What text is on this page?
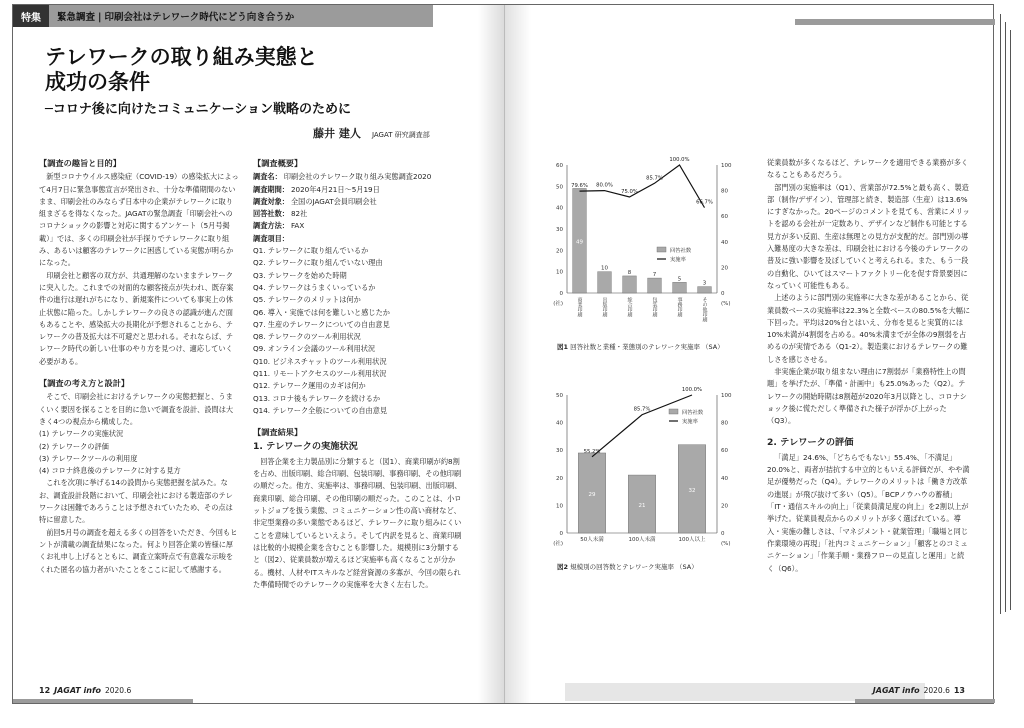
特集	緊急調査 | 印刷会社はテレワーク時代にどう向き合うか
テレワークの取り組み実態と
成功の条件
─コロナ後に向けたコミュニケーション戦略のために
藤井 建人 JAGAT 研究調査部
【調査の趣旨と目的】

新型コロナウイルス感染症（COVID-19）の感染拡大によって4月7日に緊急事態宣言が発出され、十分な準備期間のないまま、印刷会社のみならず日本中の企業がテレワークに取り組まざるを得なくなった。JAGATの緊急調査「印刷会社へのコロナショックの影響と対応に関するアンケート（5月号掲載）」では、多くの印刷会社が手探りでテレワークに取り組み、あるいは顧客のテレワークに困惑している実態が明らかになった。

印刷会社と顧客の双方が、共通理解のないままテレワークに突入した。これまでの対面的な顧客接点が失われ、既存案件の進行は遅れがちになり、新規案件についても事実上の休止状態に陥った。しかしテレワークの良さの認識が進んだ面もあることや、感染拡大の長期化が予想されることから、テレワークの普及拡大は不可避だと思われる。それならば、テレワーク時代の新しい仕事のやり方を見つけ、適応していく必要がある。

【調査の考え方と設計】

そこで、印刷会社におけるテレワークの実態把握と、うまくいく要因を探ることを目的に急いで調査を設計、設問は大きく4つの視点から構成した。

(1) テレワークの実施状況
(2) テレワークの評価
(3) テレワークツールの利用度
(4) コロナ終息後のテレワークに対する見方

これを次項に挙げる14の設問から実態把握を試みた。なお、調査設計段階において、印刷会社における製造部のテレワークは困難であろうことは予想されていたため、その点は特に留意した。

前回5月号の調査を超える多くの回答をいただき、今回もヒントが満載の調査結果になった。何より回答企業の皆様に厚くお礼申し上げるとともに、調査立案時点で有意義な示唆をくれた匿名の協力者がいたことをここに記して感謝する。

【調査概要】
調査名： 印刷会社のテレワーク取り組み実態調査2020
調査期間： 2020年4月21日～5月19日
調査対象： 全国のJAGAT会員印刷会社
回答社数： 82社
調査方法： FAX
調査項目：
Q1. テレワークに取り組んでいるか
Q2. テレワークに取り組んでいない理由
Q3. テレワークを始めた時期
Q4. テレワークはうまくいっているか
Q5. テレワークのメリットは何か
Q6. 導入・実施では何を難しいと感じたか
Q7. 生産のテレワークについての自由意見
Q8. テレワークのツール利用状況
Q9. オンライン会議のツール利用状況
Q10. ビジネスチャットのツール利用状況
Q11. リモートアクセスのツール利用状況
Q12. テレワーク運用のカギは何か
Q13. コロナ後もテレワークを続けるか
Q14. テレワーク全般についての自由意見
【調査結果】
1. テレワークの実施状況

回答企業を主力製品別に分類すると（図1）、商業印刷が約8割を占め、出版印刷、総合印刷、包装印刷、事務印刷、その他印刷の順だった。他方、実施率は、事務印刷、包装印刷、出版印刷、商業印刷、総合印刷、その他印刷の順だった。このことは、小ロットジョブを扱う業態、コミュニケーション性の高い商材など、非定型業務の多い業態であるほど、テレワークに取り組みにくいことを意味しているといえよう。そして内訳を見ると、商業印刷は比較的小規模企業を含むことも影響した。規模別に3分類すると（図2）、従業員数が増えるほど実施率も高くなることが分かる。機材、人材やITスキルなど経営資源の多寡が、今回の限られた準備時間でのテレワークの実施率を大きく左右した。

12 JAGAT info 2020.6
0
10
20
30
40
50
60
0
20
40
60
80
100
(社)	(%)
49
商業印刷
10
出版印刷
8
総合印刷
7
包装印刷
5
事務印刷
3
その他印刷
79.6% 80.0%
75.0%
85.7%
100.0%
66.7%
回答社数
実施率
図1 回答社数と業種・業態別のテレワーク実施率 （SA）
0
10
20
30
40
50
0
20
40
60
80
100
(社)	(%)
29
50人未満
21
100人未満
32
100人以上
55.2%
85.7%
100.0%
回答社数
実施率
図2 規模別の回答数とテレワーク実施率 （SA）

従業員数が多くなるほど、テレワークを適用できる業務が多くなることもあるだろう。

部門別の実施率は（Q1）、営業部が72.5%と最も高く、製造部（制作/デザイン）、管理部と続き、製造部（生産）は13.6%にすぎなかった。20ページのコメントを見ても、営業にメリットを認める会社が一定数あり、デザインなど制作も可能とする見方が多い反面、生産は無理との見方が支配的だ。部門別の導入難易度の大きな差は、印刷会社における今後のテレワークの普及に強い影響を及ぼしていくと考えられる。また、もう一段の自動化、ひいてはスマートファクトリー化を促す背景要因になっていく可能性もある。

上述のように部門別の実施率に大きな差があることから、従業員数ベースの実施率は22.3%と全数ベースの80.5%を大幅に下回った。平均は20%台とはいえ、分布を見ると実質的には10%未満が4割弱を占める。40%未満までが全体の9割弱を占めるのが実情である（Q1-2）。製造業におけるテレワークの難しさを感じさせる。

非実施企業が取り組まない理由に7割弱が「業務特性上の問題」を挙げたが、「準備・計画中」も25.0%あった（Q2）。テレワークの開始時期は8割超が2020年3月以降とし、コロナショック後に慌ただしく準備された様子が浮かび上がった（Q3）。

2. テレワークの評価

「満足」24.6%、「どちらでもない」55.4%、「不満足」20.0%と、両者が拮抗する中立的ともいえる評価だが、やや満足が優勢だった（Q4）。テレワークのメリットは「働き方改革の進展」が飛び抜けて多い（Q5）。「BCPノウハウの蓄積」「IT・通信スキルの向上」「従業員満足度の向上」を2割以上が挙げた。従業員視点からのメリットが多く選ばれている。導入・実施の難しさは、「マネジメント・就業管理」「職場と同じ作業環境の再現」「社内コミュニケーション」「顧客とのコミュニケーション」「作業手順・業務フローの見直しと運用」と続く（Q6）。

JAGAT info 2020.6 13
